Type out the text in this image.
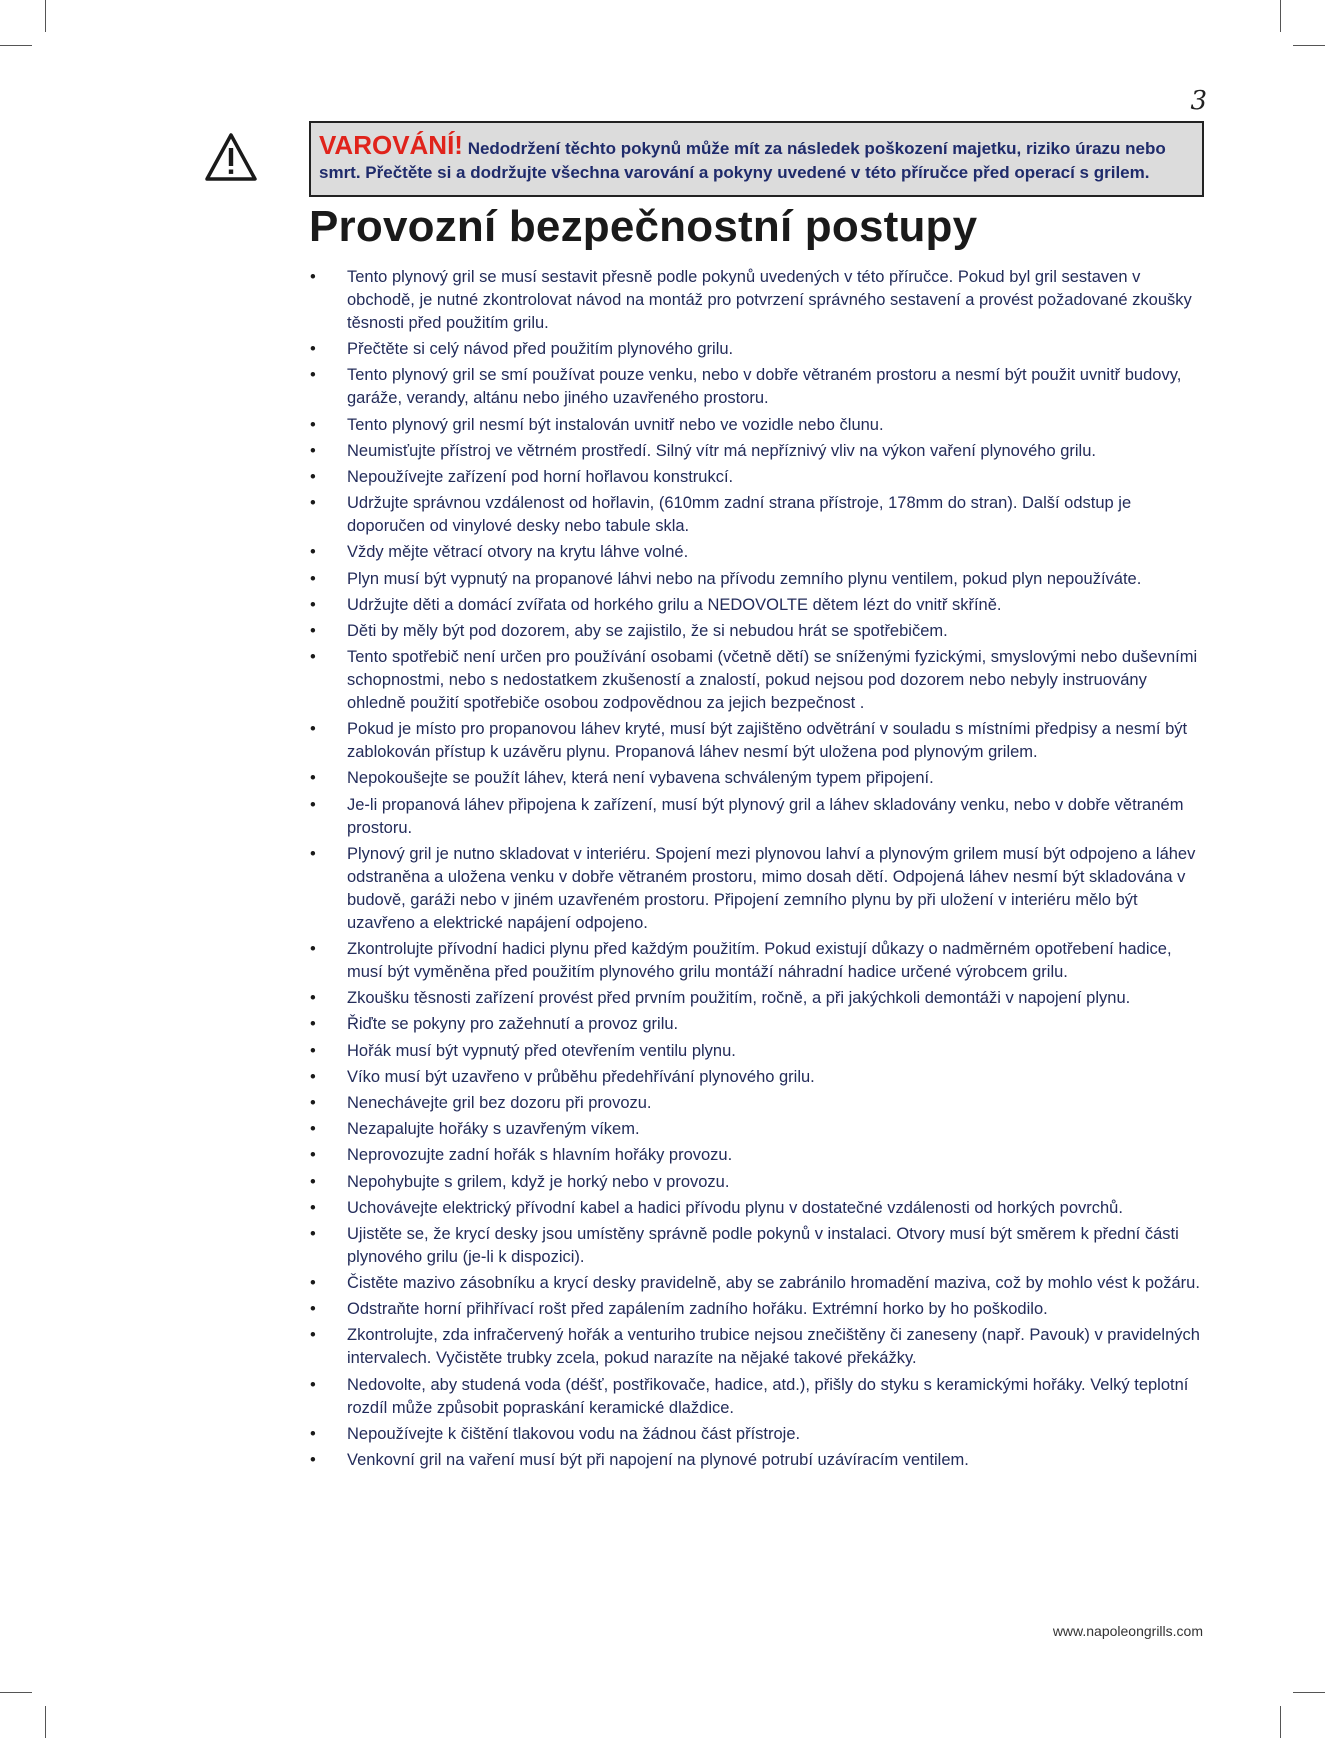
3
VAROVÁNÍ! Nedodržení těchto pokynů může mít za následek poškození majetku, riziko úrazu nebo smrt. Přečtěte si a dodržujte všechna varování a pokyny uvedené v této příručce před operací s grilem.
Provozní bezpečnostní postupy
• Tento plynový gril se musí sestavit přesně podle pokynů uvedených v této příručce. Pokud byl gril sestaven v obchodě, je nutné zkontrolovat návod na montáž pro potvrzení správného sestavení a provést požadované zkoušky těsnosti před použitím grilu.
• Přečtěte si celý návod před použitím plynového grilu.
• Tento plynový gril se smí používat pouze venku, nebo v dobře větraném prostoru a nesmí být použit uvnitř budovy, garáže, verandy, altánu nebo jiného uzavřeného prostoru.
• Tento plynový gril nesmí být instalován uvnitř nebo ve vozidle nebo člunu.
• Neumisťujte přístroj ve větrném prostředí. Silný vítr má nepříznivý vliv na výkon vaření plynového grilu.
• Nepoužívejte zařízení pod horní hořlavou konstrukcí.
• Udržujte správnou vzdálenost od hořlavin, (610mm zadní strana přístroje, 178mm do stran). Další odstup je doporučen od vinylové desky nebo tabule skla.
• Vždy mějte větrací otvory na krytu láhve volné.
• Plyn musí být vypnutý na propanové láhvi nebo na přívodu zemního plynu ventilem, pokud plyn nepoužíváte.
• Udržujte děti a domácí zvířata od horkého grilu a NEDOVOLTE dětem lézt do vnitř skříně.
• Děti by měly být pod dozorem, aby se zajistilo, že si nebudou hrát se spotřebičem.
• Tento spotřebič není určen pro používání osobami (včetně dětí) se sníženými fyzickými, smyslovými nebo duševními schopnostmi, nebo s nedostatkem zkušeností a znalostí, pokud nejsou pod dozorem nebo nebyly instruovány ohledně použití spotřebiče osobou zodpovědnou za jejich bezpečnost .
• Pokud je místo pro propanovou láhev kryté, musí být zajištěno odvětrání v souladu s místními předpisy a nesmí být zablokován přístup k uzávěru plynu. Propanová láhev nesmí být uložena pod plynovým grilem.
• Nepokoušejte se použít láhev, která není vybavena schváleným typem připojení.
• Je-li propanová láhev připojena k zařízení, musí být plynový gril a láhev skladovány venku, nebo v dobře větraném prostoru.
• Plynový gril je nutno skladovat v interiéru. Spojení mezi plynovou lahví a plynovým grilem musí být odpojeno a láhev odstraněna a uložena venku v dobře větraném prostoru, mimo dosah dětí. Odpojená láhev nesmí být skladována v budově, garáži nebo v jiném uzavřeném prostoru. Připojení zemního plynu by při uložení v interiéru mělo být uzavřeno a elektrické napájení odpojeno.
• Zkontrolujte přívodní hadici plynu před každým použitím. Pokud existují důkazy o nadměrném opotřebení hadice, musí být vyměněna před použitím plynového grilu montáží náhradní hadice určené výrobcem grilu.
• Zkoušku těsnosti zařízení provést před prvním použitím, ročně, a při jakýchkoli demontáži v napojení plynu.
• Řiďte se pokyny pro zažehnutí a provoz grilu.
• Hořák musí být vypnutý před otevřením ventilu plynu.
• Víko musí být uzavřeno v průběhu předehřívání plynového grilu.
• Nenechávejte gril bez dozoru při provozu.
• Nezapalujte hořáky s uzavřeným víkem.
• Neprovozujte zadní hořák s hlavním hořáky provozu.
• Nepohybujte s grilem, když je horký nebo v provozu.
• Uchovávejte elektrický přívodní kabel a hadici přívodu plynu v dostatečné vzdálenosti od horkých povrchů.
• Ujistěte se, že krycí desky jsou umístěny správně podle pokynů v instalaci. Otvory musí být směrem k přední části plynového grilu (je-li k dispozici).
• Čistěte mazivo zásobníku a krycí desky pravidelně, aby se zabránilo hromadění maziva, což by mohlo vést k požáru.
• Odstraňte horní přihřívací rošt před zapálením zadního hořáku. Extrémní horko by ho poškodilo.
• Zkontrolujte, zda infračervený hořák a venturiho trubice nejsou znečištěny či zaneseny (např. Pavouk) v pravidelných intervalech. Vyčistěte trubky zcela, pokud narazíte na nějaké takové překážky.
• Nedovolte, aby studená voda (déšť, postřikovače, hadice, atd.), přišly do styku s keramickými hořáky. Velký teplotní rozdíl může způsobit popraskání keramické dlaždice.
• Nepoužívejte k čištění tlakovou vodu na žádnou část přístroje.
• Venkovní gril na vaření musí být při napojení na plynové potrubí uzávíracím ventilem.
www.napoleongrills.com
